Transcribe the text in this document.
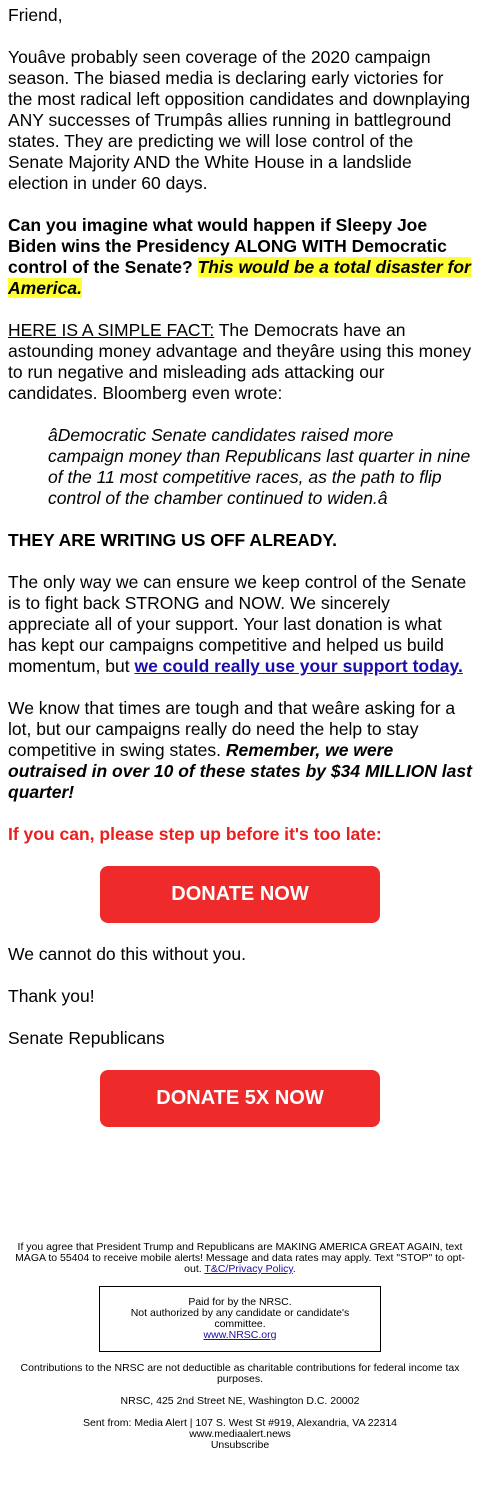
Friend,

Youâve probably seen coverage of the 2020 campaign season. The biased media is declaring early victories for the most radical left opposition candidates and downplaying ANY successes of Trumpâs allies running in battleground states. They are predicting we will lose control of the Senate Majority AND the White House in a landslide election in under 60 days.

Can you imagine what would happen if Sleepy Joe Biden wins the Presidency ALONG WITH Democratic control of the Senate? This would be a total disaster for America.

HERE IS A SIMPLE FACT: The Democrats have an astounding money advantage and theyâre using this money to run negative and misleading ads attacking our candidates. Bloomberg even wrote:

âDemocratic Senate candidates raised more campaign money than Republicans last quarter in nine of the 11 most competitive races, as the path to flip control of the chamber continued to widen.â

THEY ARE WRITING US OFF ALREADY.

The only way we can ensure we keep control of the Senate is to fight back STRONG and NOW. We sincerely appreciate all of your support. Your last donation is what has kept our campaigns competitive and helped us build momentum, but we could really use your support today.

We know that times are tough and that weâre asking for a lot, but our campaigns really do need the help to stay competitive in swing states. Remember, we were outraised in over 10 of these states by $34 MILLION last quarter!

If you can, please step up before it's too late:

DONATE NOW

We cannot do this without you.

Thank you!

Senate Republicans

DONATE 5X NOW

If you agree that President Trump and Republicans are MAKING AMERICA GREAT AGAIN, text MAGA to 55404 to receive mobile alerts! Message and data rates may apply. Text "STOP" to opt-out. T&C/Privacy Policy.

Paid for by the NRSC.
Not authorized by any candidate or candidate's committee.
www.NRSC.org

Contributions to the NRSC are not deductible as charitable contributions for federal income tax purposes.

NRSC, 425 2nd Street NE, Washington D.C. 20002

Sent from: Media Alert | 107 S. West St #919, Alexandria, VA 22314
www.mediaalert.news
Unsubscribe
